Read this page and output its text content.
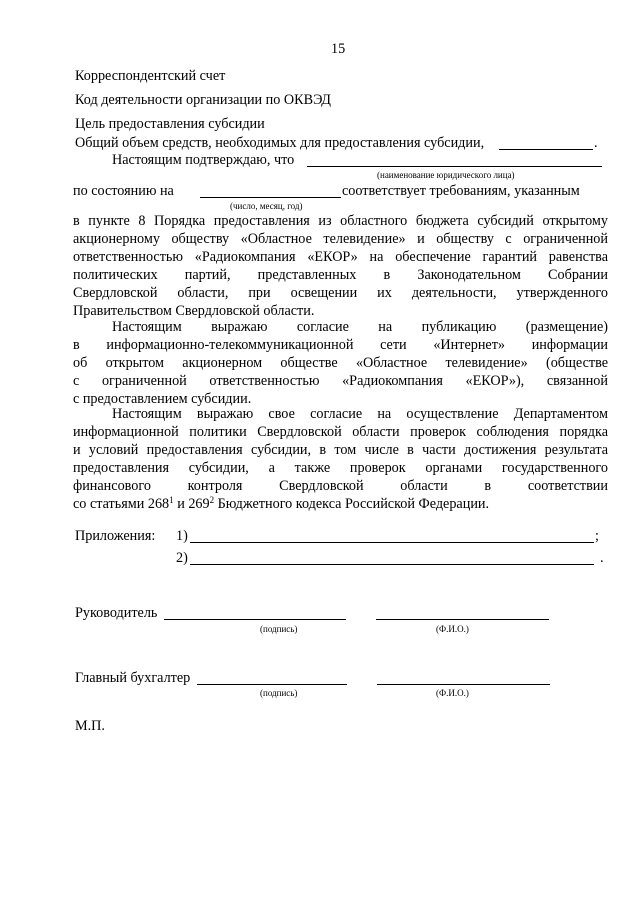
15
Корреспондентский счет
Код деятельности организации по ОКВЭД
Цель предоставления субсидии
Общий объем средств, необходимых для предоставления субсидии,	.
Настоящим подтверждаю, что
(наименование юридического лица)
по состоянию на	соответствует требованиям, указанным
(число, месяц, год)
в пункте 8 Порядка предоставления из областного бюджета субсидий открытому
акционерному обществу «Областное телевидение» и обществу с ограниченной
ответственностью «Радиокомпания «ЕКОР» на обеспечение гарантий равенства
политических партий, представленных в Законодательном Собрании
Свердловской области, при освещении их деятельности, утвержденного
Правительством Свердловской области.
Настоящим выражаю согласие на публикацию (размещение)
в информационно-телекоммуникационной сети «Интернет» информации
об открытом акционерном обществе «Областное телевидение» (обществе
с ограниченной ответственностью «Радиокомпания «ЕКОР»), связанной
с предоставлением субсидии.
Настоящим выражаю свое согласие на осуществление Департаментом
информационной политики Свердловской области проверок соблюдения порядка
и условий предоставления субсидии, в том числе в части достижения результата
предоставления субсидии, а также проверок органами государственного
финансового контроля Свердловской области в соответствии
со статьями $268^1$ и $269^2$ Бюджетного кодекса Российской Федерации.
Приложения: 1)	;
2)	.
Руководитель
(подпись)	(Ф.И.О.)
Главный бухгалтер
(подпись)	(Ф.И.О.)
М.П.
